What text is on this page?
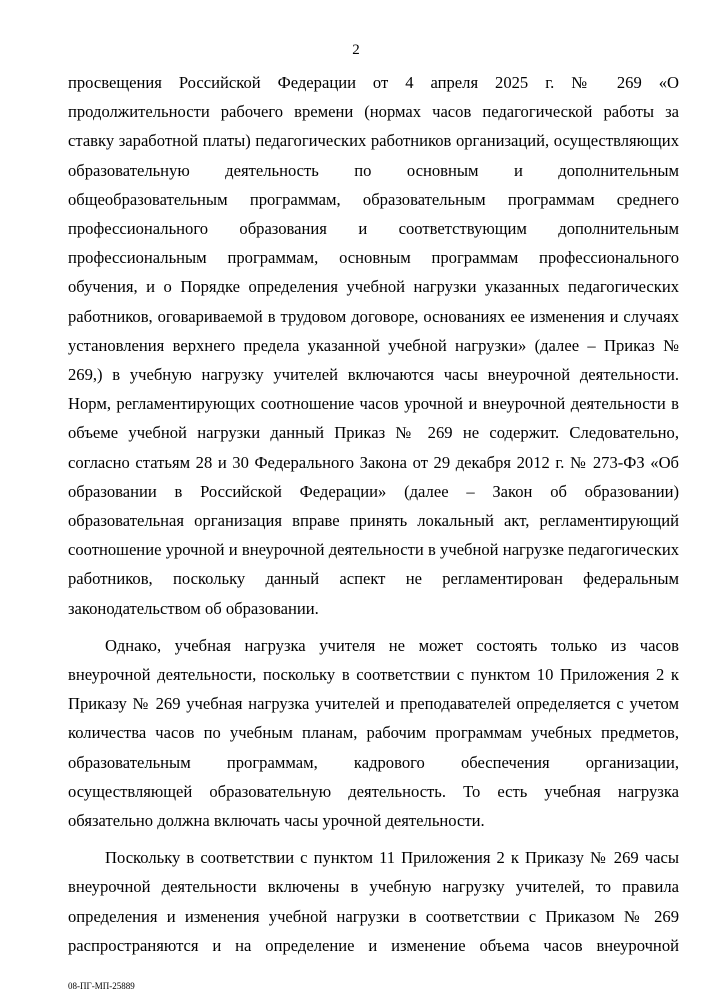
2

просвещения Российской Федерации от 4 апреля 2025 г. № 269 «О продолжительности рабочего времени (нормах часов педагогической работы за ставку заработной платы) педагогических работников организаций, осуществляющих образовательную деятельность по основным и дополнительным общеобразовательным программам, образовательным программам среднего профессионального образования и соответствующим дополнительным профессиональным программам, основным программам профессионального обучения, и о Порядке определения учебной нагрузки указанных педагогических работников, оговариваемой в трудовом договоре, основаниях ее изменения и случаях установления верхнего предела указанной учебной нагрузки» (далее – Приказ № 269,) в учебную нагрузку учителей включаются часы внеурочной деятельности. Норм, регламентирующих соотношение часов урочной и внеурочной деятельности в объеме учебной нагрузки данный Приказ № 269 не содержит. Следовательно, согласно статьям 28 и 30 Федерального Закона от 29 декабря 2012 г. № 273-ФЗ «Об образовании в Российской Федерации» (далее – Закон об образовании) образовательная организация вправе принять локальный акт, регламентирующий соотношение урочной и внеурочной деятельности в учебной нагрузке педагогических работников, поскольку данный аспект не регламентирован федеральным законодательством об образовании.

Однако, учебная нагрузка учителя не может состоять только из часов внеурочной деятельности, поскольку в соответствии с пунктом 10 Приложения 2 к Приказу № 269 учебная нагрузка учителей и преподавателей определяется с учетом количества часов по учебным планам, рабочим программам учебных предметов, образовательным программам, кадрового обеспечения организации, осуществляющей образовательную деятельность. То есть учебная нагрузка обязательно должна включать часы урочной деятельности.

Поскольку в соответствии с пунктом 11 Приложения 2 к Приказу № 269 часы внеурочной деятельности включены в учебную нагрузку учителей, то правила определения и изменения учебной нагрузки в соответствии с Приказом № 269 распространяются и на определение и изменение объема часов внеурочной

08-ПГ-МП-25889
